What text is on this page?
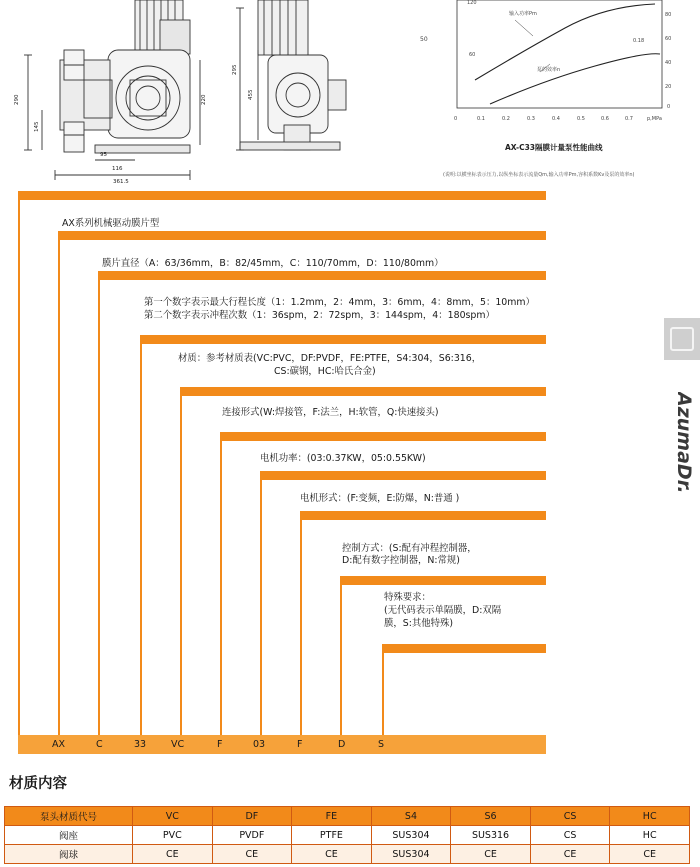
290
145
95
116
220
361.5
295
455
120
60
50
80
60
40
20
0
0.18
输入功率Pm
泵的效率n
0	0.1	0.2	0.3	0.4	0.5	0.6	0.7	p,MPa
AX-C33隔膜计量泵性能曲线
(说明:以横坐标表示压力,以纵坐标表示流量Qm,输入功率Pm,容积系数Kv及泵的效率n)
AX系列机械驱动膜片型
膜片直径（A：63/36mm，B：82/45mm，C：110/70mm，D：110/80mm）
第一个数字表示最大行程长度（1：1.2mm，2：4mm，3：6mm，4：8mm，5：10mm）
第二个数字表示冲程次数（1：36spm，2：72spm，3：144spm，4：180spm）
材质：参考材质表(VC:PVC，DF:PVDF，FE:PTFE，S4:304，S6:316，
CS:碳钢，HC:哈氏合金)
连接形式(W:焊接管，F:法兰，H:软管，Q:快速接头)
电机功率：(03:0.37KW，05:0.55KW)
电机形式：(F:变频，E:防爆，N:普通 )
控制方式：(S:配有冲程控制器，
D:配有数字控制器，N:常规)
特殊要求：
(无代码表示单隔膜，D:双隔
膜，S:其他特殊)
AX	C	33	VC	F	03	F	D	S
AzumaDr.
材质内容
泵头材质代号	VC	DF	FE	S4	S6	CS	HC
阀座	PVC	PVDF	PTFE	SUS304	SUS316	CS	HC
阀球	CE	CE	CE	SUS304	CE	CE	CE
